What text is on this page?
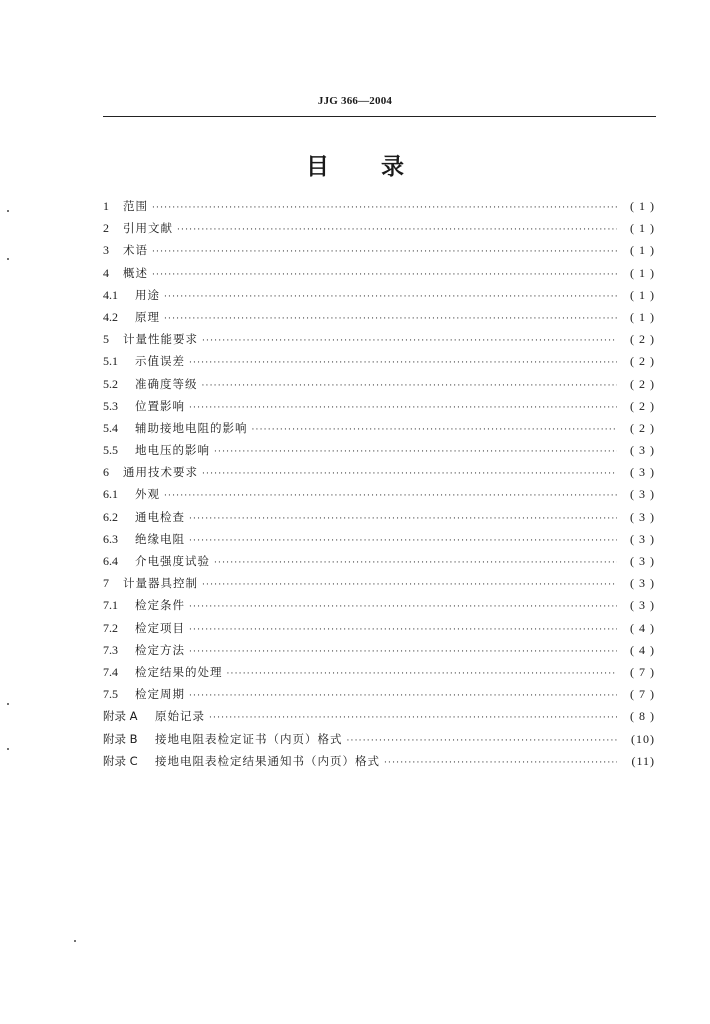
JJG 366—2004
目 录
1	范围 ·····	( 1 )
2	引用文献 ·····	( 1 )
3	术语 ·····	( 1 )
4	概述 ·····	( 1 )
4.1	用途 ·····	( 1 )
4.2	原理 ·····	( 1 )
5	计量性能要求 ·····	( 2 )
5.1	示值误差 ·····	( 2 )
5.2	准确度等级 ·····	( 2 )
5.3	位置影响 ·····	( 2 )
5.4	辅助接地电阻的影响 ·····	( 2 )
5.5	地电压的影响 ·····	( 3 )
6	通用技术要求 ·····	( 3 )
6.1	外观 ·····	( 3 )
6.2	通电检查 ·····	( 3 )
6.3	绝缘电阻 ·····	( 3 )
6.4	介电强度试验 ·····	( 3 )
7	计量器具控制 ·····	( 3 )
7.1	检定条件 ·····	( 3 )
7.2	检定项目 ·····	( 4 )
7.3	检定方法 ·····	( 4 )
7.4	检定结果的处理 ·····	( 7 )
7.5	检定周期 ·····	( 7 )
附录 A	原始记录 ·····	( 8 )
附录 B	接地电阻表检定证书（内页）格式 ·····	(10)
附录 C	接地电阻表检定结果通知书（内页）格式 ·····	(11)
